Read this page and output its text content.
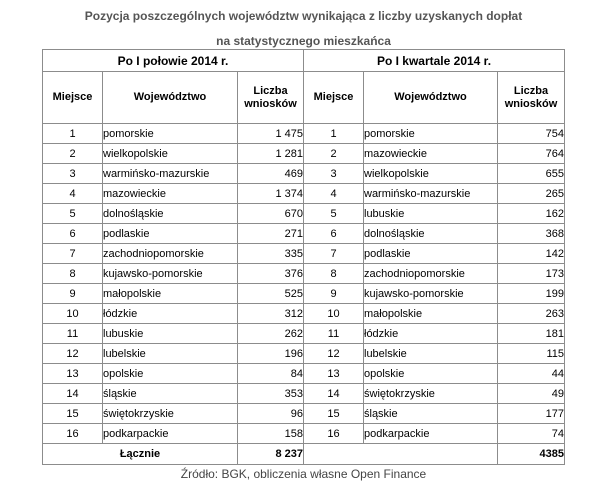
Pozycja poszczególnych województw wynikająca z liczby uzyskanych dopłat
na statystycznego mieszkańca
Po I połowie 2014 r.			Po I kwartale 2014 r.		
Miejsce	Województwo	Liczba wniosków	Miejsce	Województwo	Liczba wniosków
1	pomorskie	1 475	1	pomorskie	754
2	wielkopolskie	1 281	2	mazowieckie	764
3	warmińsko-mazurskie	469	3	wielkopolskie	655
4	mazowieckie	1 374	4	warmińsko-mazurskie	265
5	dolnośląskie	670	5	lubuskie	162
6	podlaskie	271	6	dolnośląskie	368
7	zachodniopomorskie	335	7	podlaskie	142
8	kujawsko-pomorskie	376	8	zachodniopomorskie	173
9	małopolskie	525	9	kujawsko-pomorskie	199
10	łódzkie	312	10	małopolskie	263
11	lubuskie	262	11	łódzkie	181
12	lubelskie	196	12	lubelskie	115
13	opolskie	84	13	opolskie	44
14	śląskie	353	14	świętokrzyskie	49
15	świętokrzyskie	96	15	śląskie	177
16	podkarpackie	158	16	podkarpackie	74
Łącznie		8 237			4385
Źródło: BGK, obliczenia własne Open Finance
